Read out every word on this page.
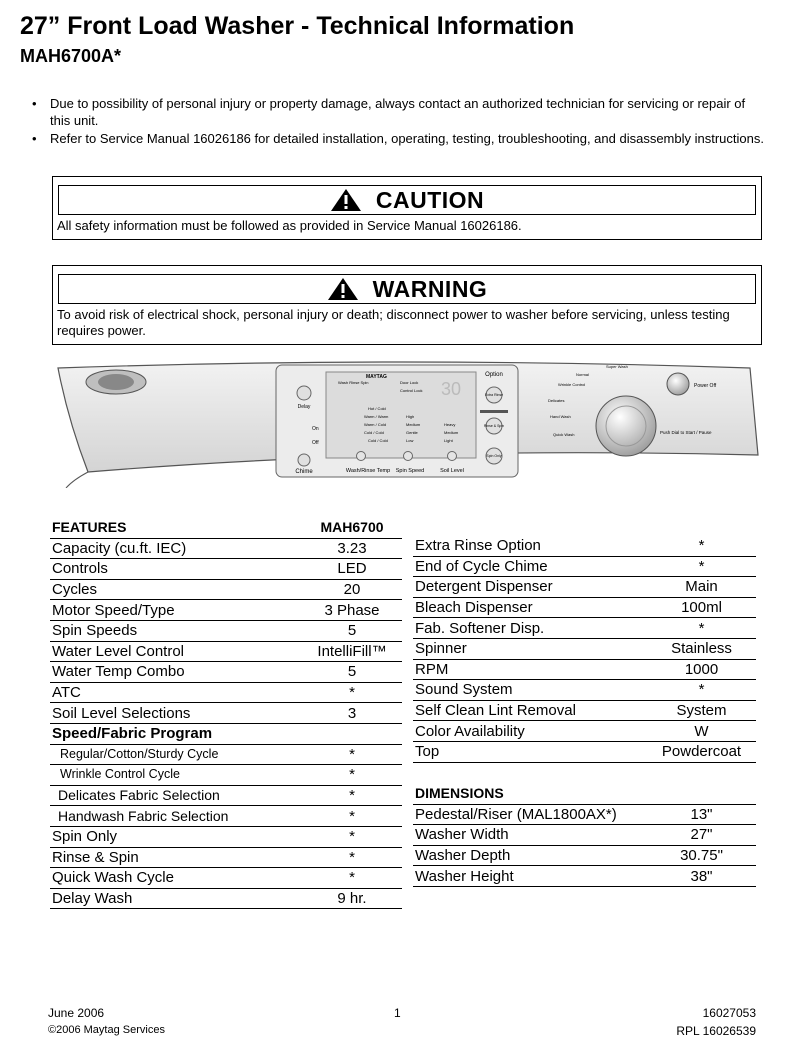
27” Front Load Washer - Technical Information
MAH6700A*
• Due to possibility of personal injury or property damage, always contact an authorized technician for servicing or repair of this unit.
• Refer to Service Manual 16026186 for detailed installation, operating, testing, troubleshooting, and disassembly instructions.
CAUTION
All safety information must be followed as provided in Service Manual 16026186.
WARNING
To avoid risk of electrical shock, personal injury or death; disconnect power to washer before servicing, unless testing requires power.
Delay
On
Off
Chime
MAYTAG
Wash Rinse Spin	Door Lock
Control Lock 30
Hot / Cold
Warm / Warm
Warm / Cold
Cold / Cold
Cold / Cold
High
Medium
Gentle
Low
Heavy
Medium
Light
Wash/Rinse Temp Spin Speed	Soil Level
Option
Extra Rinse
Rinse & Spin
Spin Only
Super Wash
Normal
Wrinkle Control
Delicates
Hand Wash
Quick Wash
Power Off
Push Dial to Start / Pause
FEATURES	MAH6700
Capacity (cu.ft. IEC)	3.23
Controls	LED
Cycles	20
Motor Speed/Type	3 Phase
Spin Speeds	5
Water Level Control	IntelliFill™
Water Temp Combo	5
ATC	*
Soil Level Selections	3
Speed/Fabric Program	
Regular/Cotton/Sturdy Cycle	*
Wrinkle Control Cycle	*
Delicates Fabric Selection	*
Handwash Fabric Selection	*
Spin Only	*
Rinse & Spin	*
Quick Wash Cycle	*
Delay Wash	9 hr.
Extra Rinse Option	*
End of Cycle Chime	*
Detergent Dispenser	Main
Bleach Dispenser	100ml
Fab. Softener Disp.	*
Spinner	Stainless
RPM	1000
Sound System	*
Self Clean Lint Removal	System
Color Availability	W
Top	Powdercoat
DIMENSIONS	
Pedestal/Riser (MAL1800AX*)	13"
Washer Width	27"
Washer Depth	30.75"
Washer Height	38"
June 2006
©2006 Maytag Services
1	16027053
RPL 16026539
